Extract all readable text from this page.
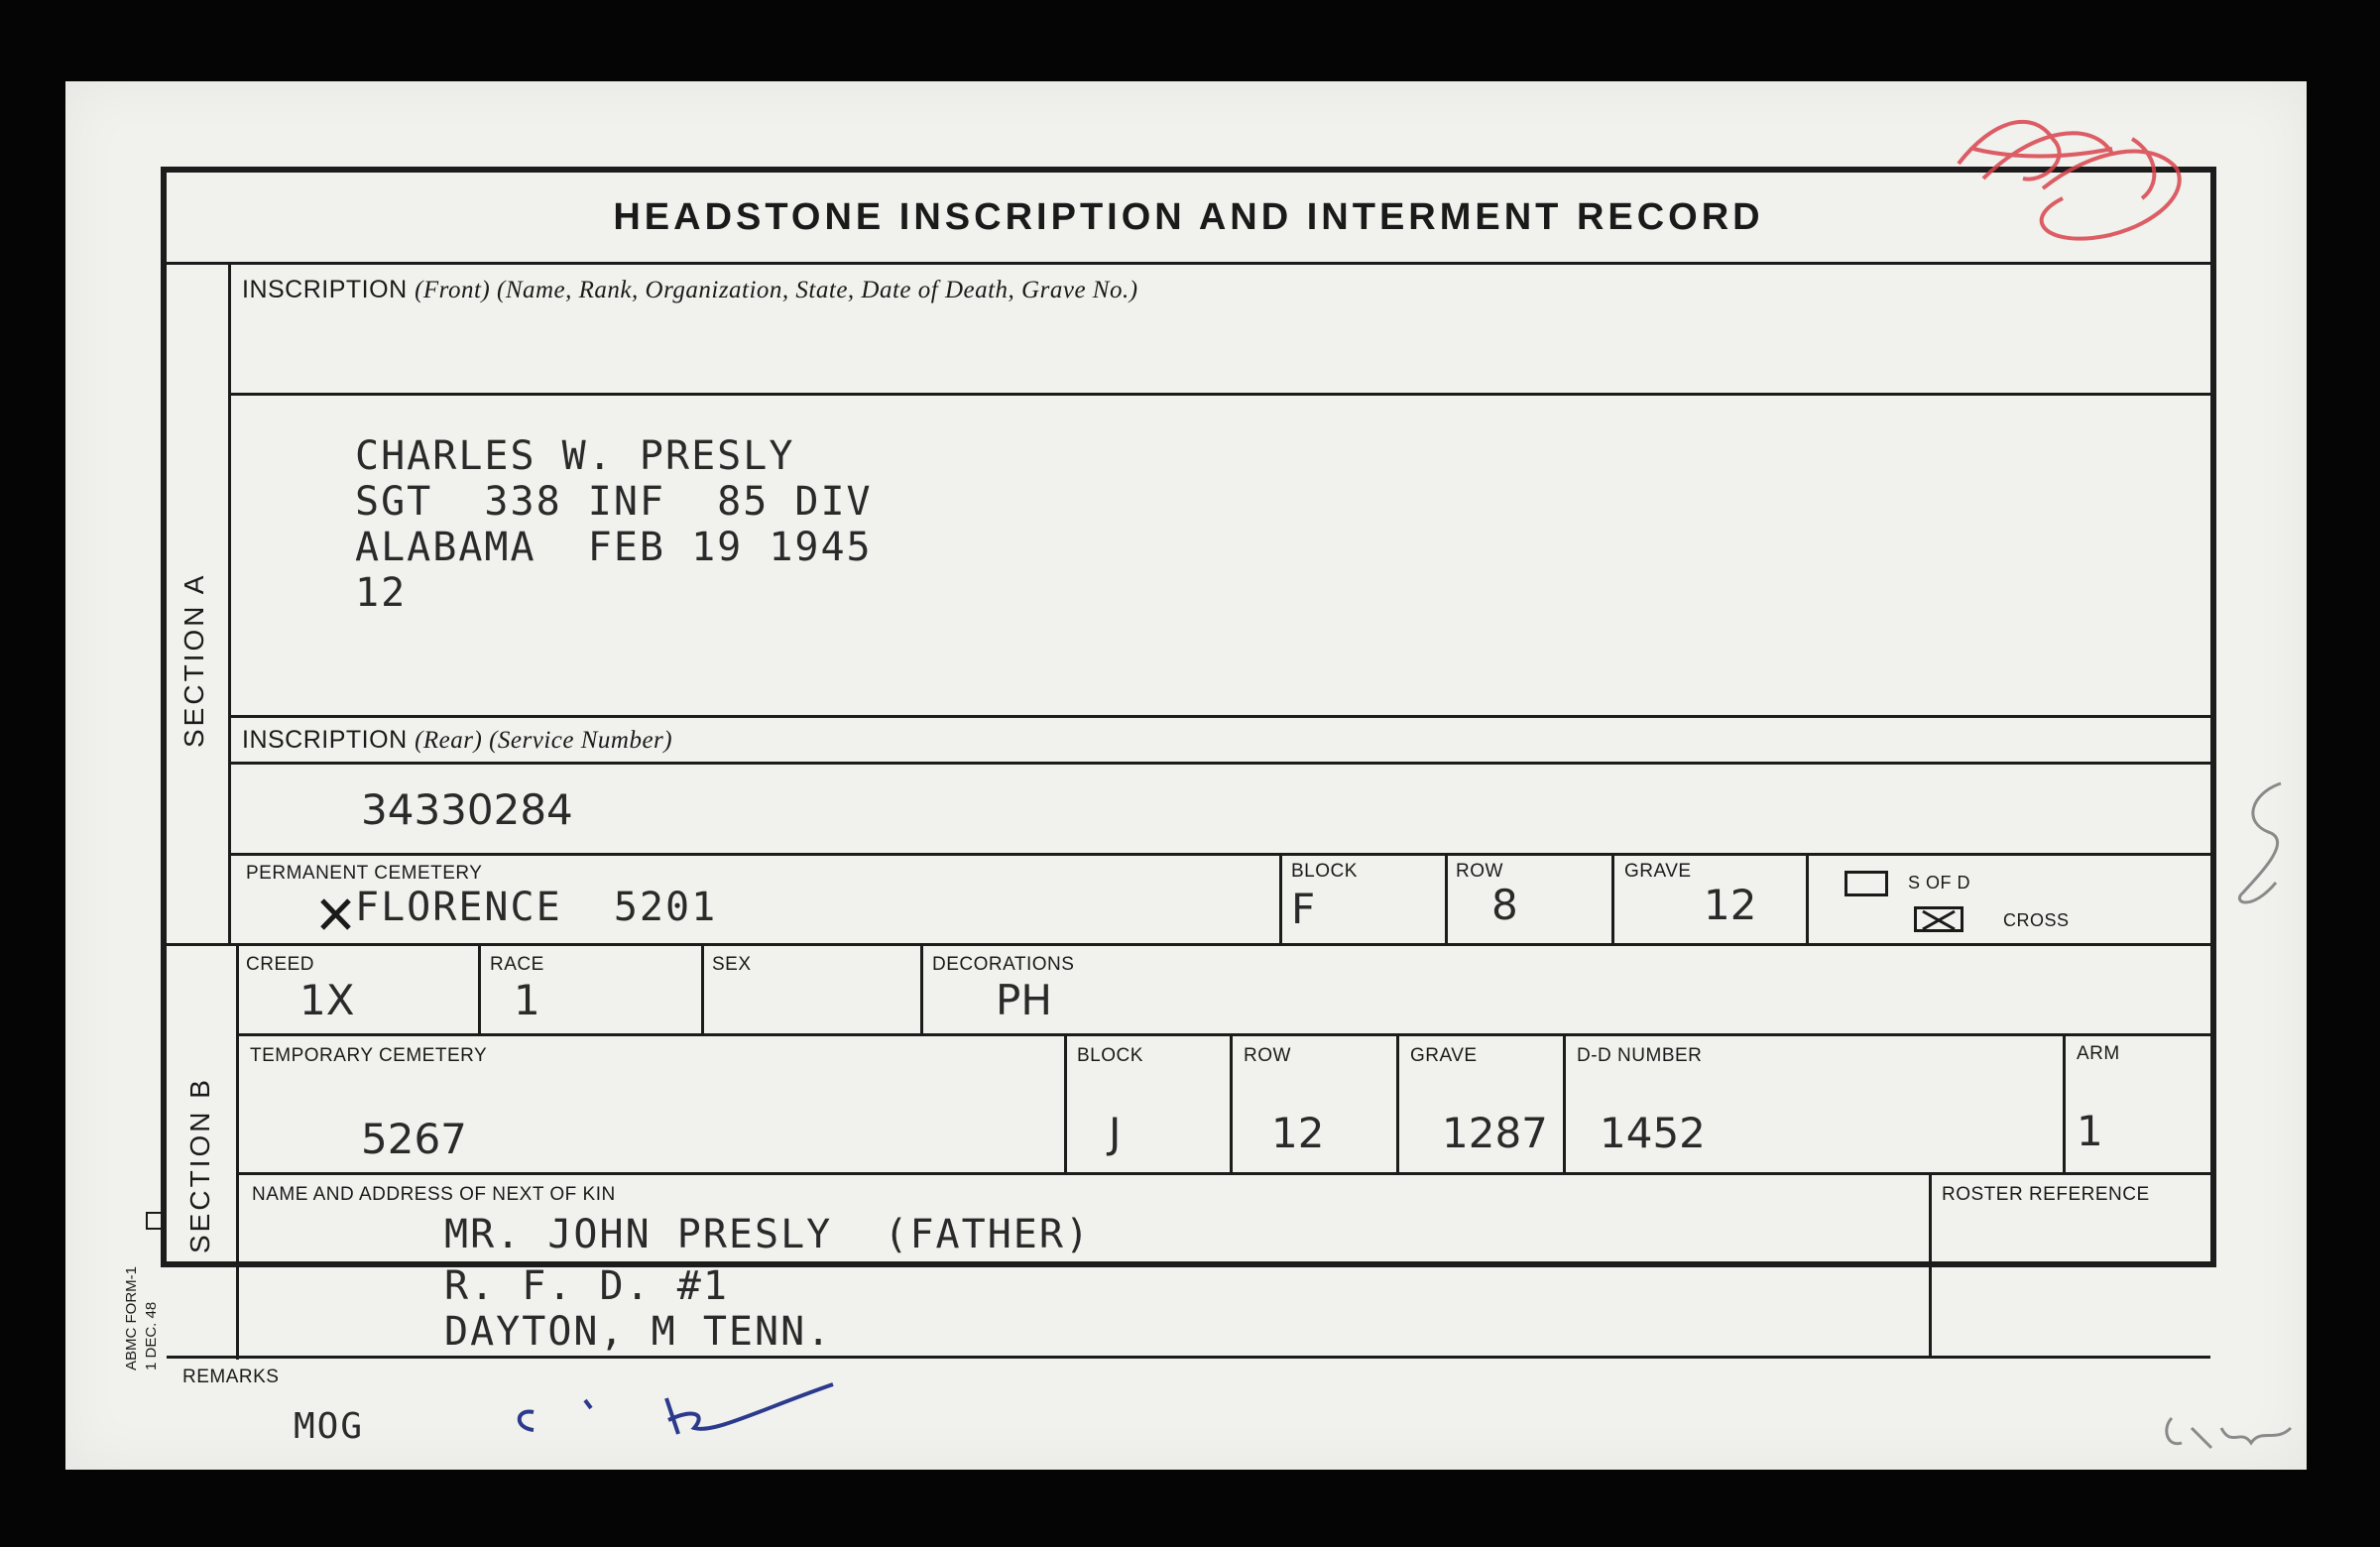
HEADSTONE INSCRIPTION AND INTERMENT RECORD
SECTION A
SECTION B
INSCRIPTION (Front) (Name, Rank, Organization, State, Date of Death, Grave No.)
CHARLES W. PRESLY
SGT  338 INF  85 DIV
ALABAMA  FEB 19 1945
12
INSCRIPTION (Rear) (Service Number)
34330284
PERMANENT CEMETERY
FLORENCE  5201
BLOCK
F
ROW
8
GRAVE
12	S OF D
CROSS
CREED
1X
RACE
1
SEX	DECORATIONS
PH
TEMPORARY CEMETERY
5267
BLOCK
J
ROW
12
GRAVE
1287
D-D NUMBER
1452
ARM
1
NAME AND ADDRESS OF NEXT OF KIN
MR. JOHN PRESLY  (FATHER)
R. F. D. #1
DAYTON, M TENN.
ROSTER REFERENCE
REMARKS
ABMC FORM-1 1 DEC. 48
MOG
